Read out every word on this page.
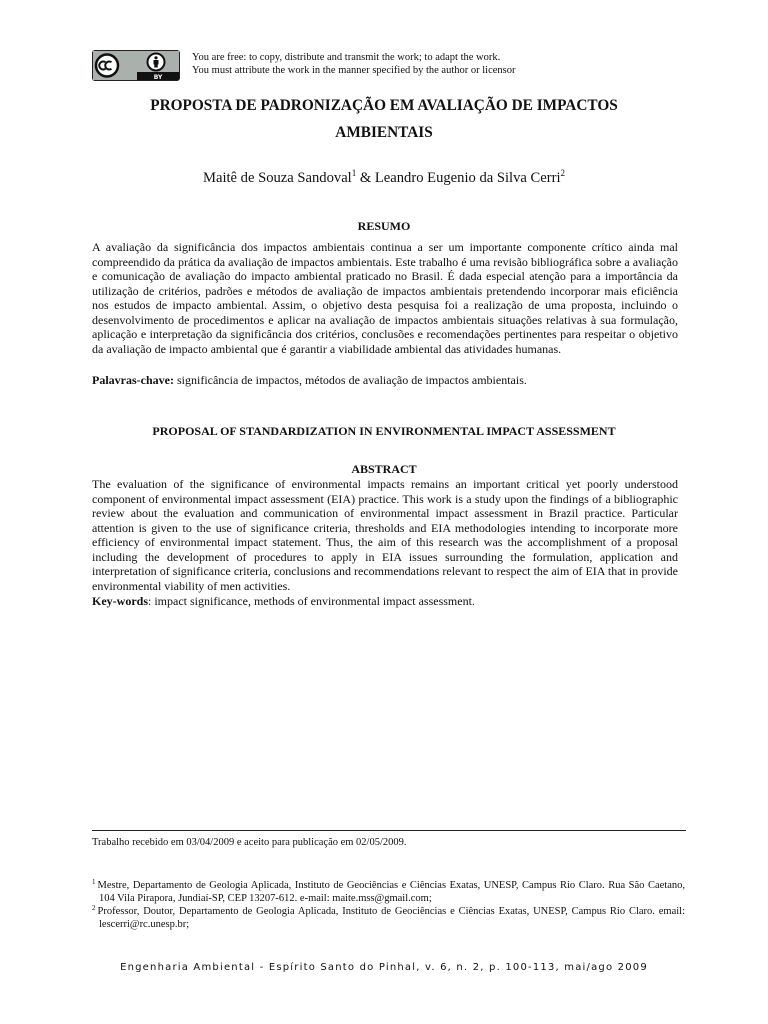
BY
You are free: to copy, distribute and transmit the work; to adapt the work.
You must attribute the work in the manner specified by the author or licensor
PROPOSTA DE PADRONIZAÇÃO EM AVALIAÇÃO DE IMPACTOS
AMBIENTAIS
Maitê de Souza Sandoval$^1$ & Leandro Eugenio da Silva Cerri$^2$
RESUMO

A avaliação da significância dos impactos ambientais continua a ser um importante componente crítico ainda mal compreendido da prática da avaliação de impactos ambientais. Este trabalho é uma revisão bibliográfica sobre a avaliação e comunicação de avaliação do impacto ambiental praticado no Brasil. É dada especial atenção para a importância da utilização de critérios, padrões e métodos de avaliação de impactos ambientais pretendendo incorporar mais eficiência nos estudos de impacto ambiental. Assim, o objetivo desta pesquisa foi a realização de uma proposta, incluindo o desenvolvimento de procedimentos e aplicar na avaliação de impactos ambientais situações relativas à sua formulação, aplicação e interpretação da significância dos critérios, conclusões e recomendações pertinentes para respeitar o objetivo da avaliação de impacto ambiental que é garantir a viabilidade ambiental das atividades humanas.

Palavras-chave: significância de impactos, métodos de avaliação de impactos ambientais.

PROPOSAL OF STANDARDIZATION IN ENVIRONMENTAL IMPACT ASSESSMENT
ABSTRACT

The evaluation of the significance of environmental impacts remains an important critical yet poorly understood component of environmental impact assessment (EIA) practice. This work is a study upon the findings of a bibliographic review about the evaluation and communication of environmental impact assessment in Brazil practice. Particular attention is given to the use of significance criteria, thresholds and EIA methodologies intending to incorporate more efficiency of environmental impact statement. Thus, the aim of this research was the accomplishment of a proposal including the development of procedures to apply in EIA issues surrounding the formulation, application and interpretation of significance criteria, conclusions and recommendations relevant to respect the aim of EIA that in provide environmental viability of men activities.

Key-words: impact significance, methods of environmental impact assessment.

Trabalho recebido em 03/04/2009 e aceito para publicação em 02/05/2009.

$^1$ Mestre, Departamento de Geologia Aplicada, Instituto de Geociências e Ciências Exatas, UNESP, Campus Rio Claro. Rua São Caetano, 104 Vila Pirapora, Jundiaí-SP, CEP 13207-612. e-mail: maite.mss@gmail.com;

$^2$ Professor, Doutor, Departamento de Geologia Aplicada, Instituto de Geociências e Ciências Exatas, UNESP, Campus Rio Claro. email: lescerri@rc.unesp.br;

Engenharia Ambiental - Espírito Santo do Pinhal, v. 6, n. 2, p. 100-113, mai/ago 2009
